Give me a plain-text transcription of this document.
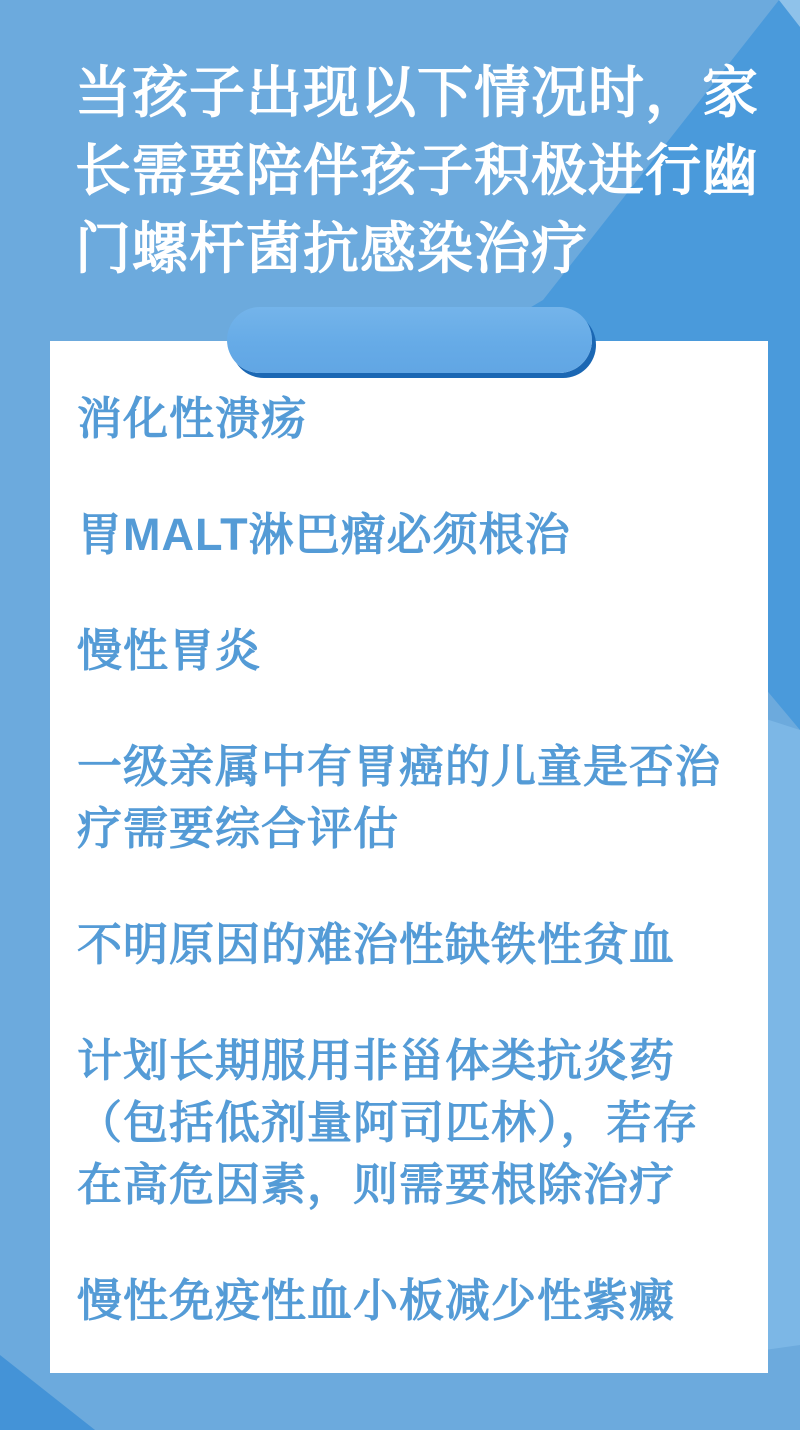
当孩子出现以下情况时，家
长需要陪伴孩子积极进行幽
门螺杆菌抗感染治疗
消化性溃疡
胃MALT淋巴瘤必须根治
慢性胃炎
一级亲属中有胃癌的儿童是否治疗需要综合评估
不明原因的难治性缺铁性贫血
计划长期服用非甾体类抗炎药（包括低剂量阿司匹林），若存在高危因素，则需要根除治疗
慢性免疫性血小板减少性紫癜
